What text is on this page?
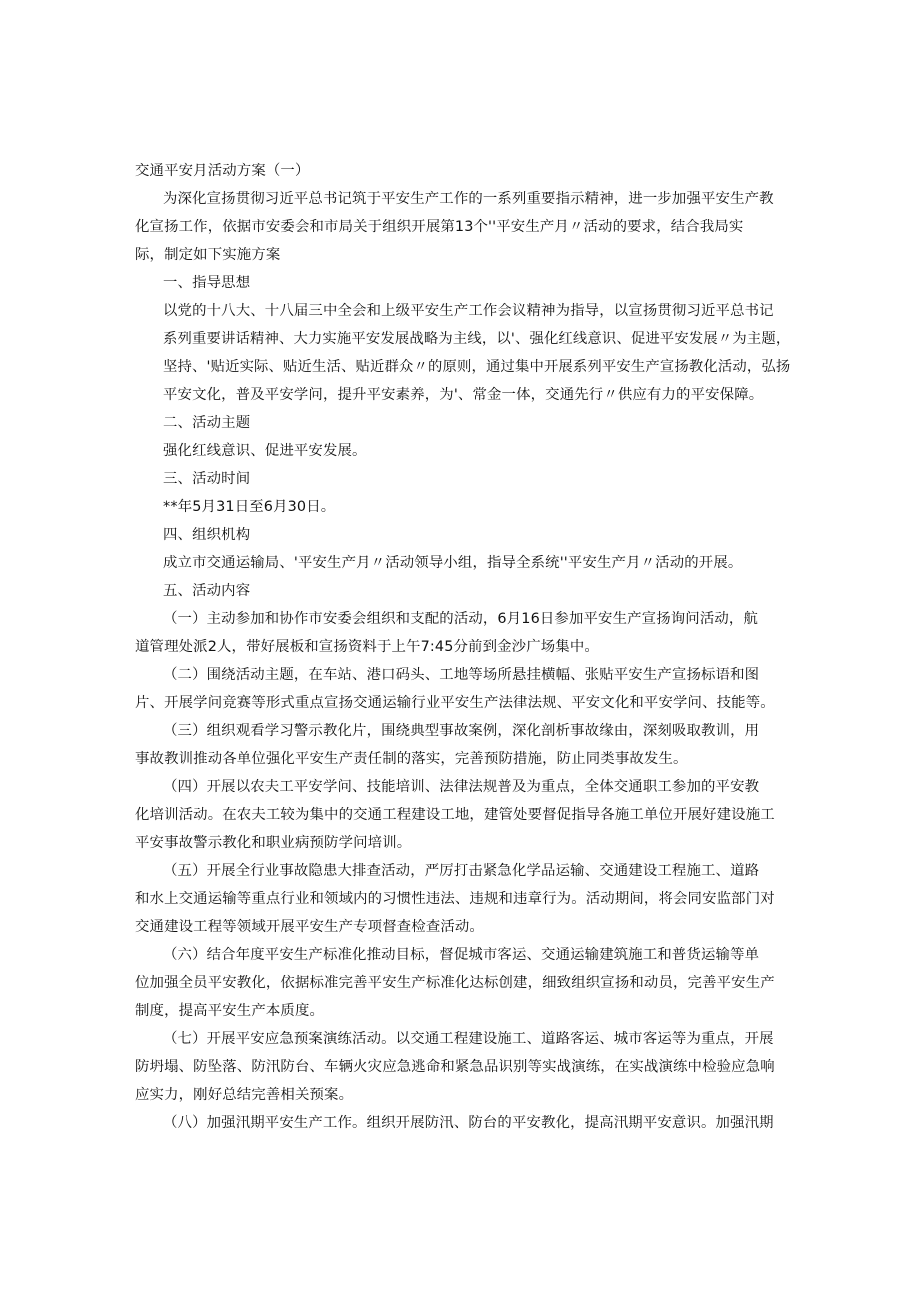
交通平安月活动方案（一）
为深化宣扬贯彻习近平总书记筑于平安生产工作的一系列重要指示精神，进一步加强平安生产教
化宣扬工作，依据市安委会和市局关于组织开展第13个''平安生产月〃活动的要求，结合我局实
际，制定如下实施方案
一、指导思想
以党的十八大、十八届三中全会和上级平安生产工作会议精神为指导，以宣扬贯彻习近平总书记
系列重要讲话精神、大力实施平安发展战略为主线，以'、强化红线意识、促进平安发展〃为主题，
坚持、'贴近实际、贴近生活、贴近群众〃的原则，通过集中开展系列平安生产宣扬教化活动，弘扬
平安文化，普及平安学问，提升平安素养，为'、常金一体，交通先行〃供应有力的平安保障。
二、活动主题
强化红线意识、促进平安发展。
三、活动时间
**年5月31日至6月30日。
四、组织机构
成立市交通运输局、'平安生产月〃活动领导小组，指导全系统''平安生产月〃活动的开展。
五、活动内容
（一）主动参加和协作市安委会组织和支配的活动，6月16日参加平安生产宣扬询问活动，航
道管理处派2人，带好展板和宣扬资料于上午7:45分前到金沙广场集中。
（二）围绕活动主题，在车站、港口码头、工地等场所悬挂横幅、张贴平安生产宣扬标语和图
片、开展学问竞赛等形式重点宣扬交通运输行业平安生产法律法规、平安文化和平安学问、技能等。
（三）组织观看学习警示教化片，围绕典型事故案例，深化剖析事故缘由，深刻吸取教训，用
事故教训推动各单位强化平安生产责任制的落实，完善预防措施，防止同类事故发生。
（四）开展以农夫工平安学问、技能培训、法律法规普及为重点，全体交通职工参加的平安教
化培训活动。在农夫工较为集中的交通工程建设工地，建管处要督促指导各施工单位开展好建设施工
平安事故警示教化和职业病预防学问培训。
（五）开展全行业事故隐患大排查活动，严厉打击紧急化学品运输、交通建设工程施工、道路
和水上交通运输等重点行业和领域内的习惯性违法、违规和违章行为。活动期间，将会同安监部门对
交通建设工程等领域开展平安生产专项督查检查活动。
（六）结合年度平安生产标准化推动目标，督促城市客运、交通运输建筑施工和普货运输等单
位加强全员平安教化，依据标准完善平安生产标准化达标创建，细致组织宣扬和动员，完善平安生产
制度，提高平安生产本质度。
（七）开展平安应急预案演练活动。以交通工程建设施工、道路客运、城市客运等为重点，开展
防坍塌、防坠落、防汛防台、车辆火灾应急逃命和紧急品识别等实战演练，在实战演练中检验应急响
应实力，刚好总结完善相关预案。
（八）加强汛期平安生产工作。组织开展防汛、防台的平安教化，提高汛期平安意识。加强汛期
